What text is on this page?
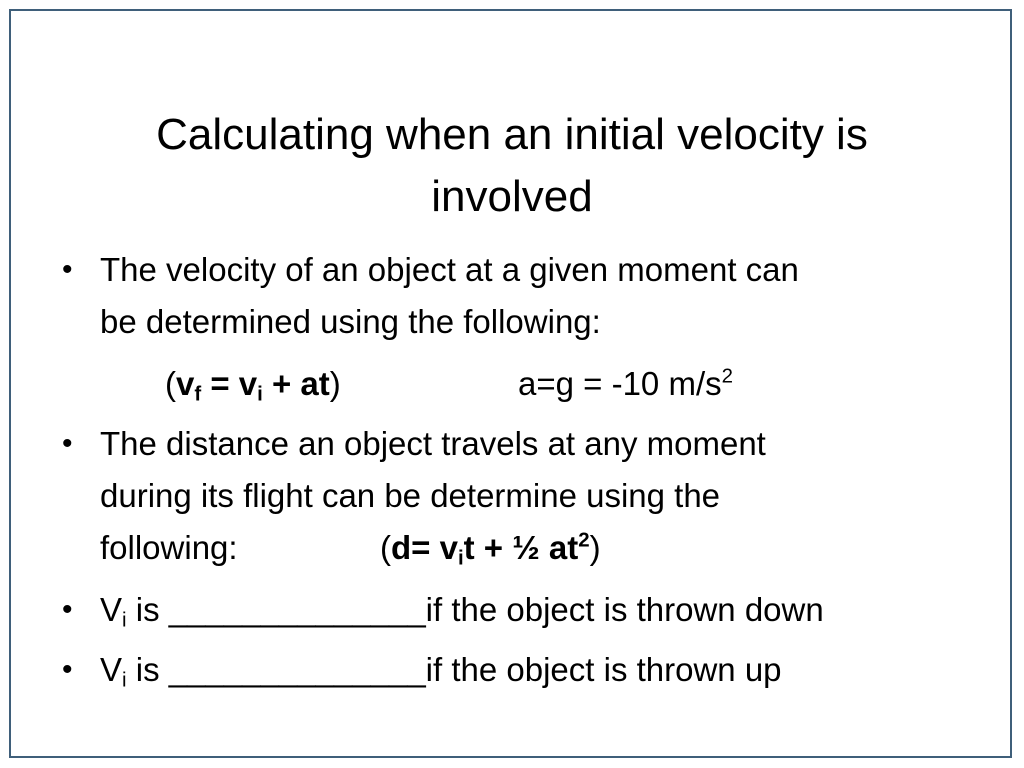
Calculating when an initial velocity is
involved
• The velocity of an object at a given moment can
be determined using the following:
$(v_f = v_i + at)$	a=g = -10 $m/s^2$
• The distance an object travels at any moment
during its flight can be determine using the
following:	($d= v_it$ + ½ $at^2$)
• $V_i$ is ______________if the object is thrown down
• $V_i$ is ______________if the object is thrown up
